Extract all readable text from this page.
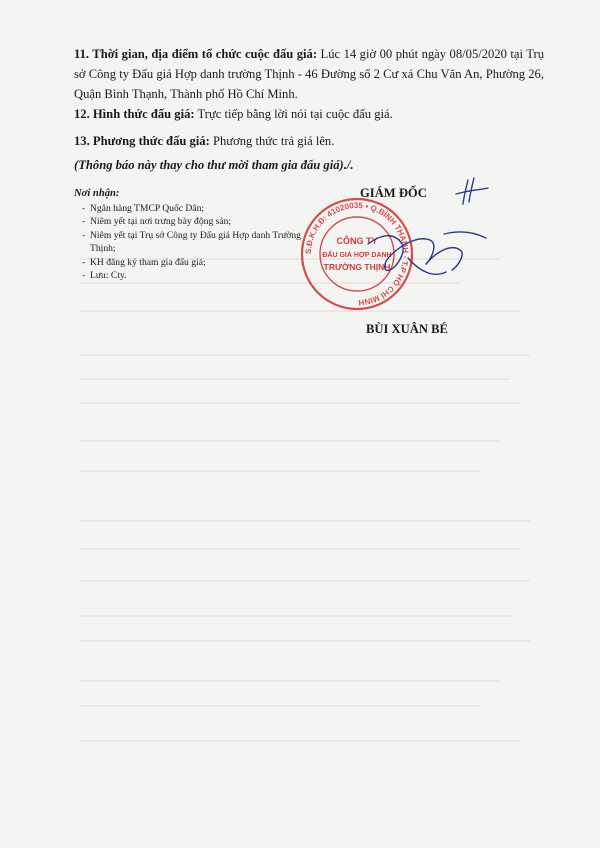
11. Thời gian, địa điểm tổ chức cuộc đấu giá: Lúc 14 giờ 00 phút ngày 08/05/2020 tại Trụ sở Công ty Đấu giá Hợp danh trường Thịnh - 46 Đường số 2 Cư xá Chu Văn An, Phường 26, Quận Bình Thạnh, Thành phố Hồ Chí Minh.
12. Hình thức đấu giá: Trực tiếp bằng lời nói tại cuộc đấu giá.
13. Phương thức đấu giá: Phương thức trả giá lên.
(Thông báo này thay cho thư mời tham gia đấu giá)./.
Nơi nhận:
- Ngân hàng TMCP Quốc Dân;
- Niêm yết tại nơi trưng bày động sản;
- Niêm yết tại Trụ sở Công ty Đấu giá Hợp danh Trường Thịnh;
- KH đăng ký tham gia đấu giá;
- Lưu: Cty.
GIÁM ĐỐC
S.Đ.K.H.Đ: 41020035 • Q.BÌNH THẠNH - T.P HỒ CHÍ MINH
CÔNG TY
ĐẤU GIÁ HỢP DANH
TRƯỜNG THỊNH
BÙI XUÂN BÉ
